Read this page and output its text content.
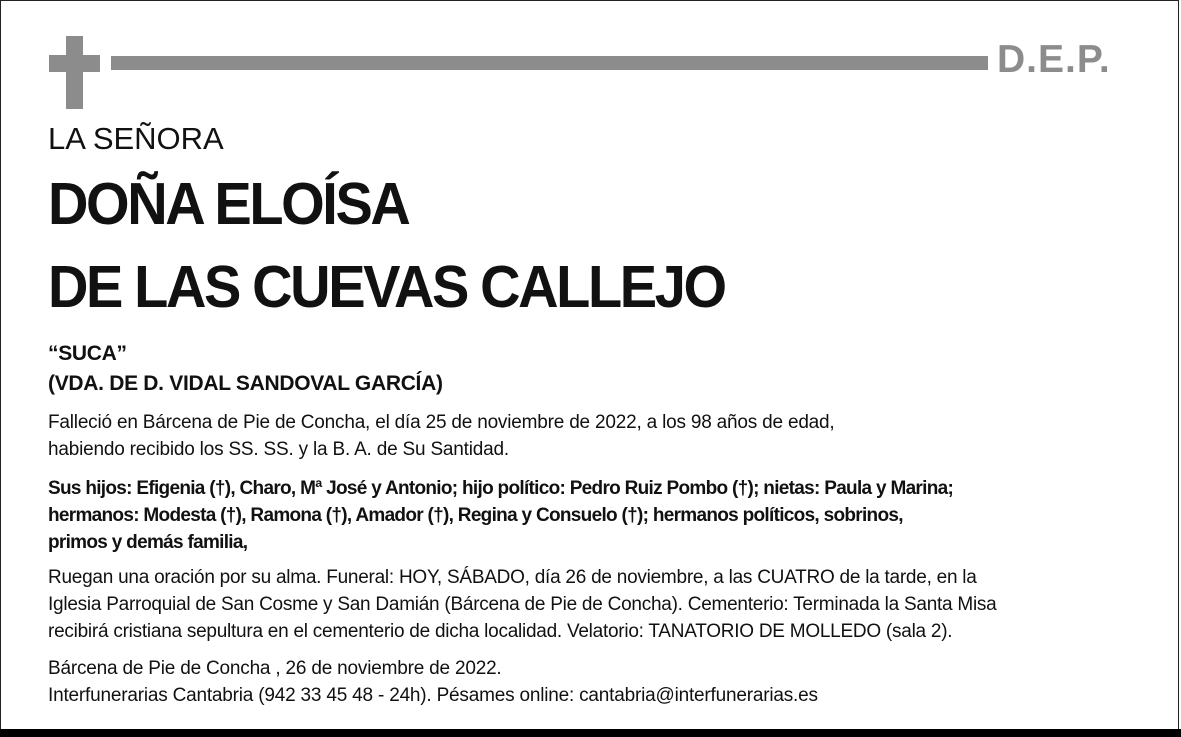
D.E.P.
LA SEÑORA
DOÑA ELOÍSA
DE LAS CUEVAS CALLEJO
“SUCA”
(VDA. DE D. VIDAL SANDOVAL GARCÍA)
Falleció en Bárcena de Pie de Concha, el día 25 de noviembre de 2022, a los 98 años de edad,
habiendo recibido los SS. SS. y la B. A. de Su Santidad.
Sus hijos: Efigenia (†), Charo, Mª José y Antonio; hijo político: Pedro Ruiz Pombo (†); nietas: Paula y Marina;
hermanos: Modesta (†), Ramona (†), Amador (†), Regina y Consuelo (†); hermanos políticos, sobrinos,
primos y demás familia,
Ruegan una oración por su alma. Funeral: HOY, SÁBADO, día 26 de noviembre, a las CUATRO de la tarde, en la
Iglesia Parroquial de San Cosme y San Damián (Bárcena de Pie de Concha). Cementerio: Terminada la Santa Misa
recibirá cristiana sepultura en el cementerio de dicha localidad. Velatorio: TANATORIO DE MOLLEDO (sala 2).
Bárcena de Pie de Concha , 26 de noviembre de 2022.
Interfunerarias Cantabria (942 33 45 48 - 24h). Pésames online: cantabria@interfunerarias.es
